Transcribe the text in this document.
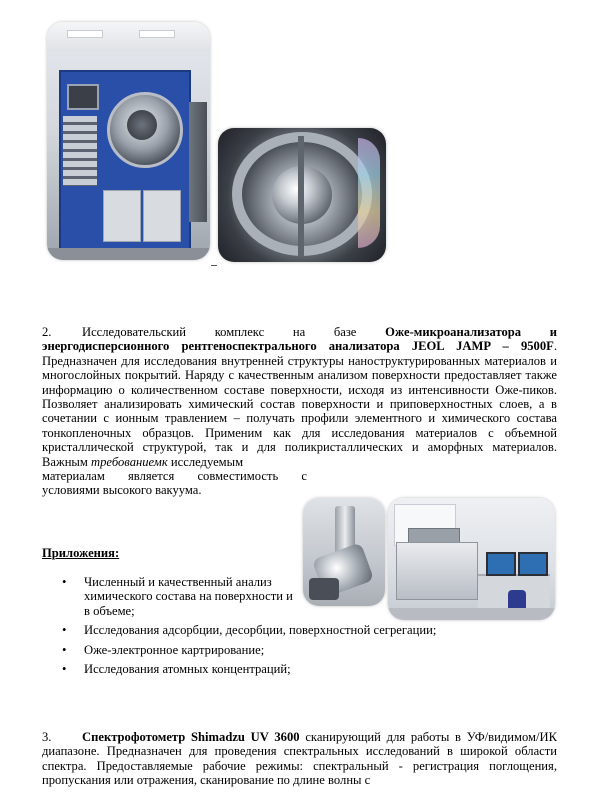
2. Исследовательский комплекс на базе Оже-микроанализатора и энергодисперсионного рентгеноспектрального анализатора JEOL JAMP – 9500F. Предназначен для исследования внутренней структуры наноструктурированных материалов и многослойных покрытий. Наряду с качественным анализом поверхности предоставляет также информацию о количественном составе поверхности, исходя из интенсивности Оже-пиков. Позволяет анализировать химический состав поверхности и приповерхностных слоев, а в сочетании с ионным травлением – получать профили элементного и химического состава тонкопленочных образцов. Применим как для исследования материалов с объемной кристаллической структурой, так и для поликристаллических и аморфных материалов. Важным требованиемк исследуемым
материалам является совместимость с
условиями высокого вакуума.
Приложения:
• Численный и качественный анализ химического состава на поверхности и в объеме;
• Исследования адсорбции, десорбции, поверхностной сегрегации;
• Оже-электронное картрирование;
• Исследования атомных концентраций;
3. Спектрофотометр Shimadzu UV 3600 сканирующий для работы в УФ/видимом/ИК диапазоне. Предназначен для проведения спектральных исследований в широкой области спектра. Предоставляемые рабочие режимы: спектральный - регистрация поглощения, пропускания или отражения, сканирование по длине волны с
